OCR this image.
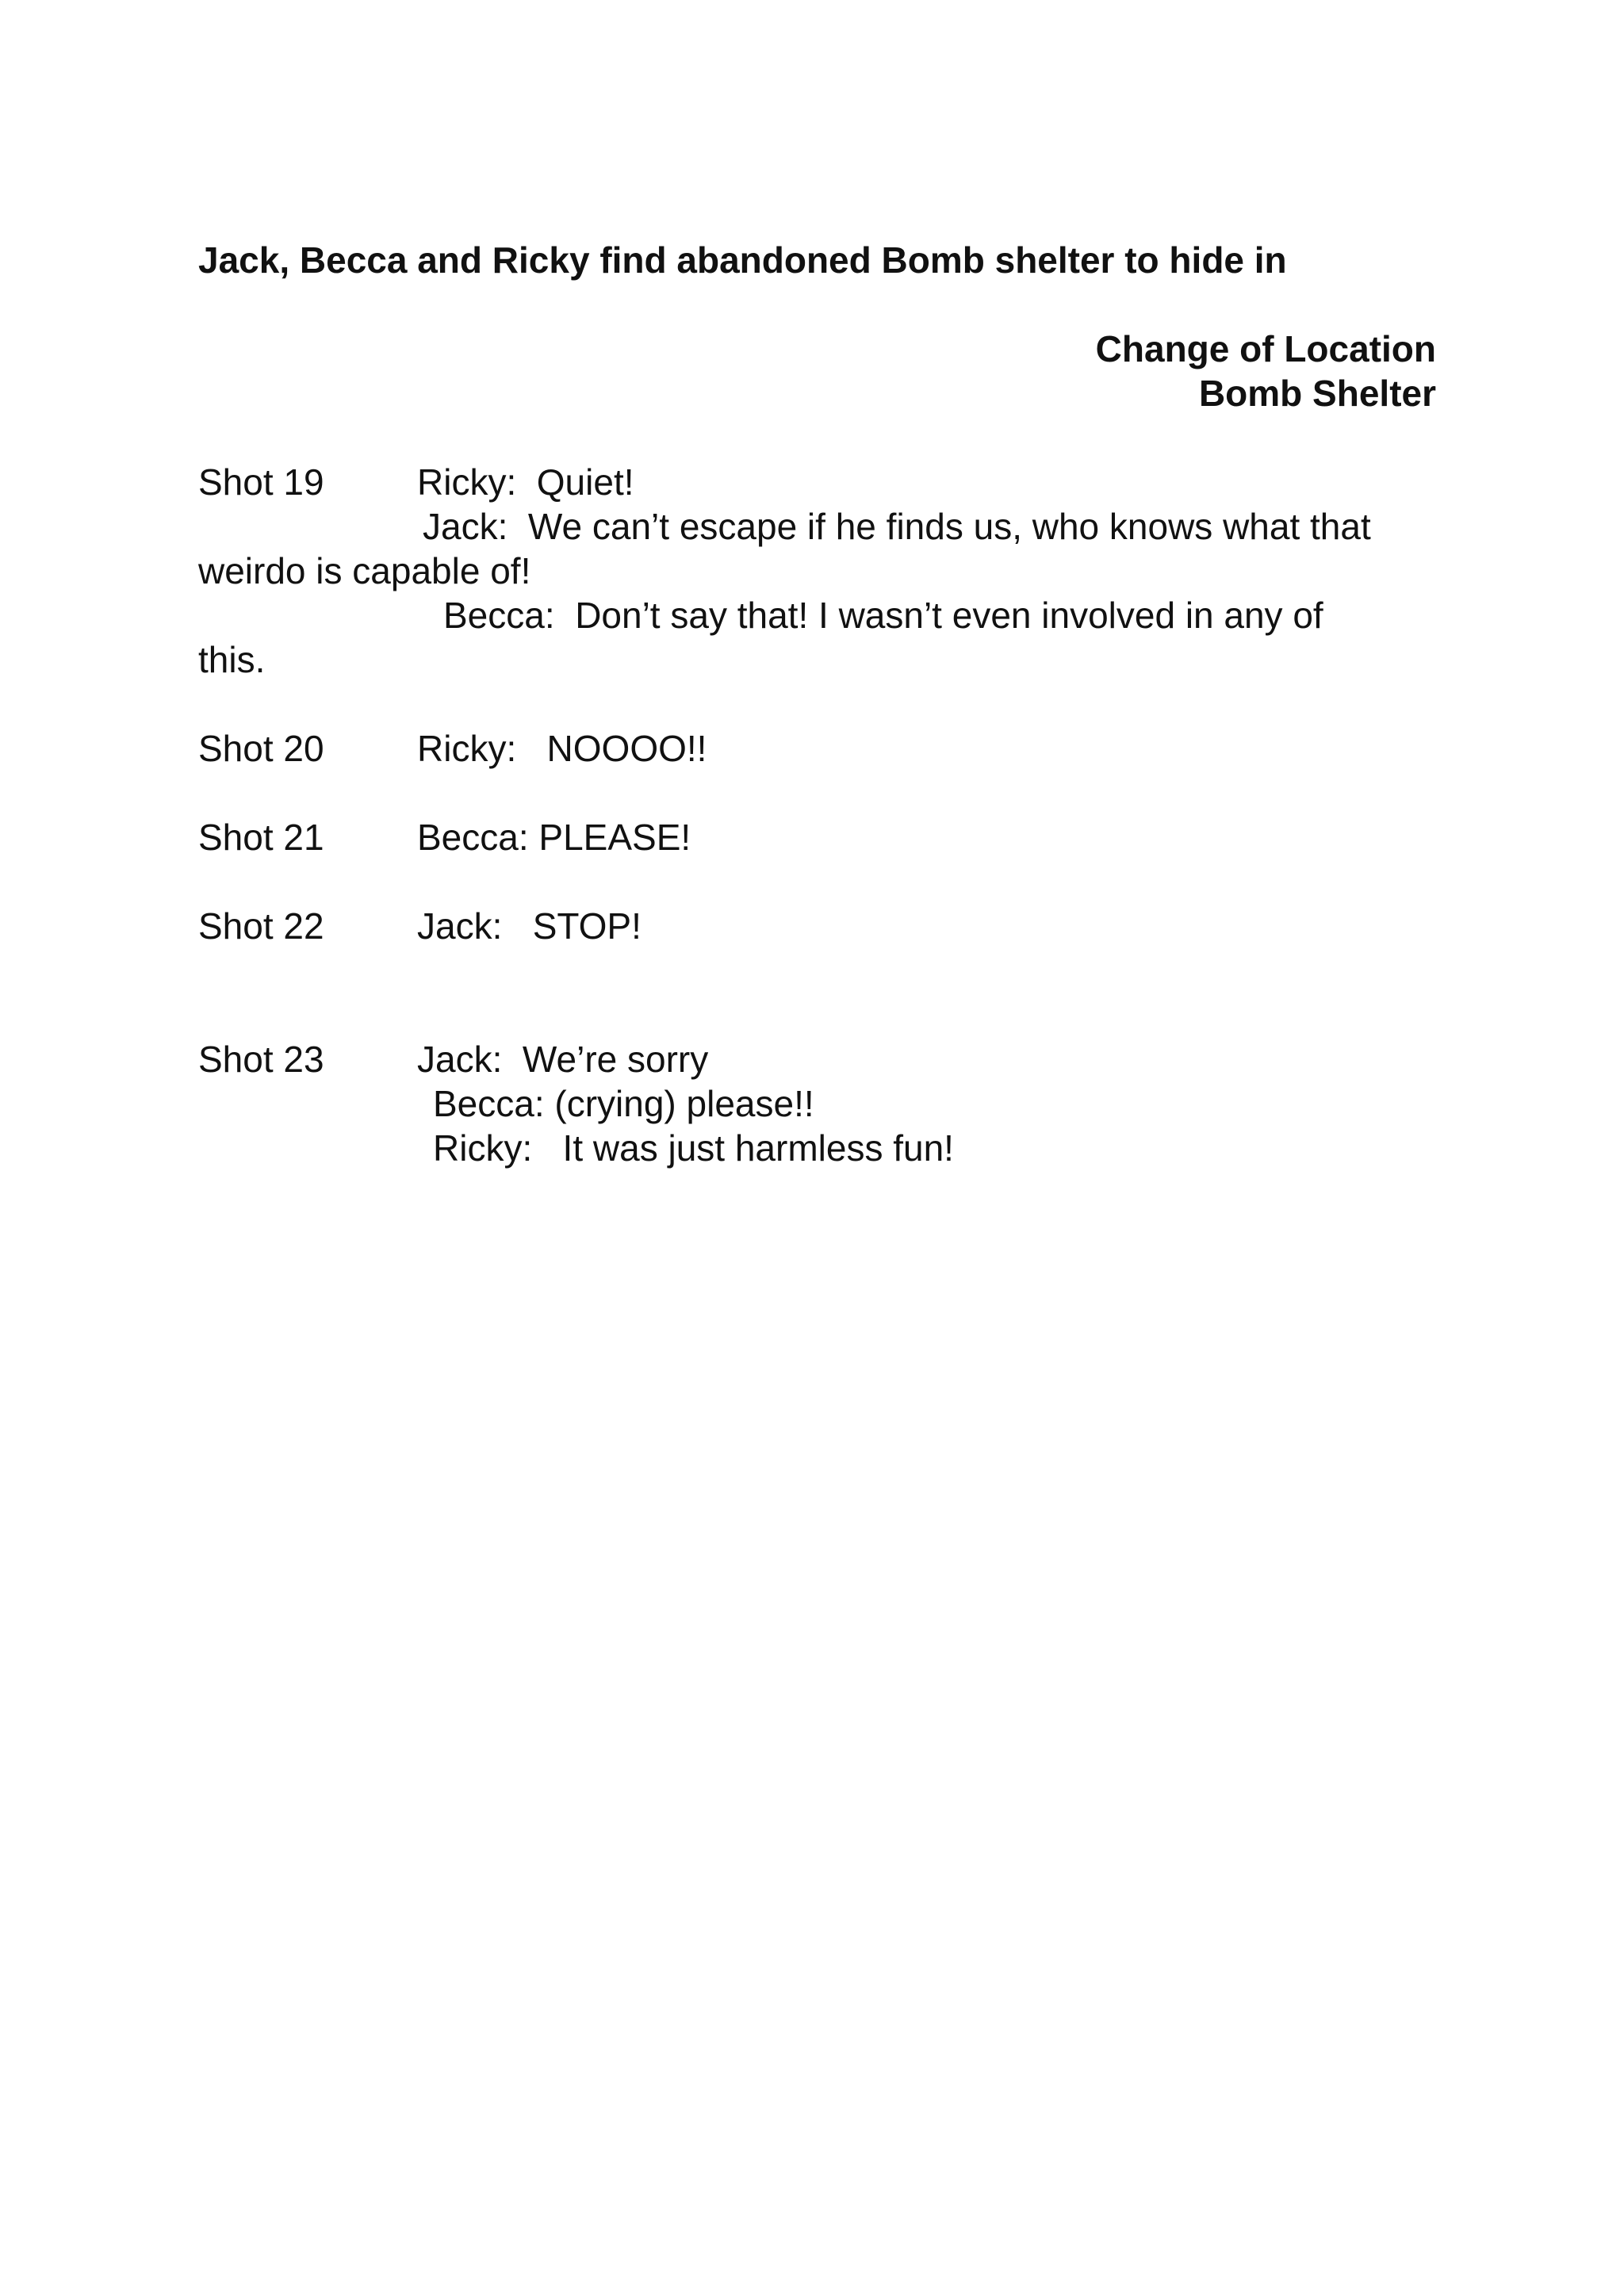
Jack, Becca and Ricky find abandoned Bomb shelter to hide in
Change of Location
Bomb Shelter
Shot 19	Ricky:  Quiet!
Jack:  We can’t escape if he finds us, who knows what that
weirdo is capable of!
Becca:  Don’t say that! I wasn’t even involved in any of
this.
Shot 20	Ricky:   NOOOO!!
Shot 21	Becca: PLEASE!
Shot 22	Jack:   STOP!
Shot 23	Jack:  We’re sorry
Becca: (crying) please!!
Ricky:   It was just harmless fun!
